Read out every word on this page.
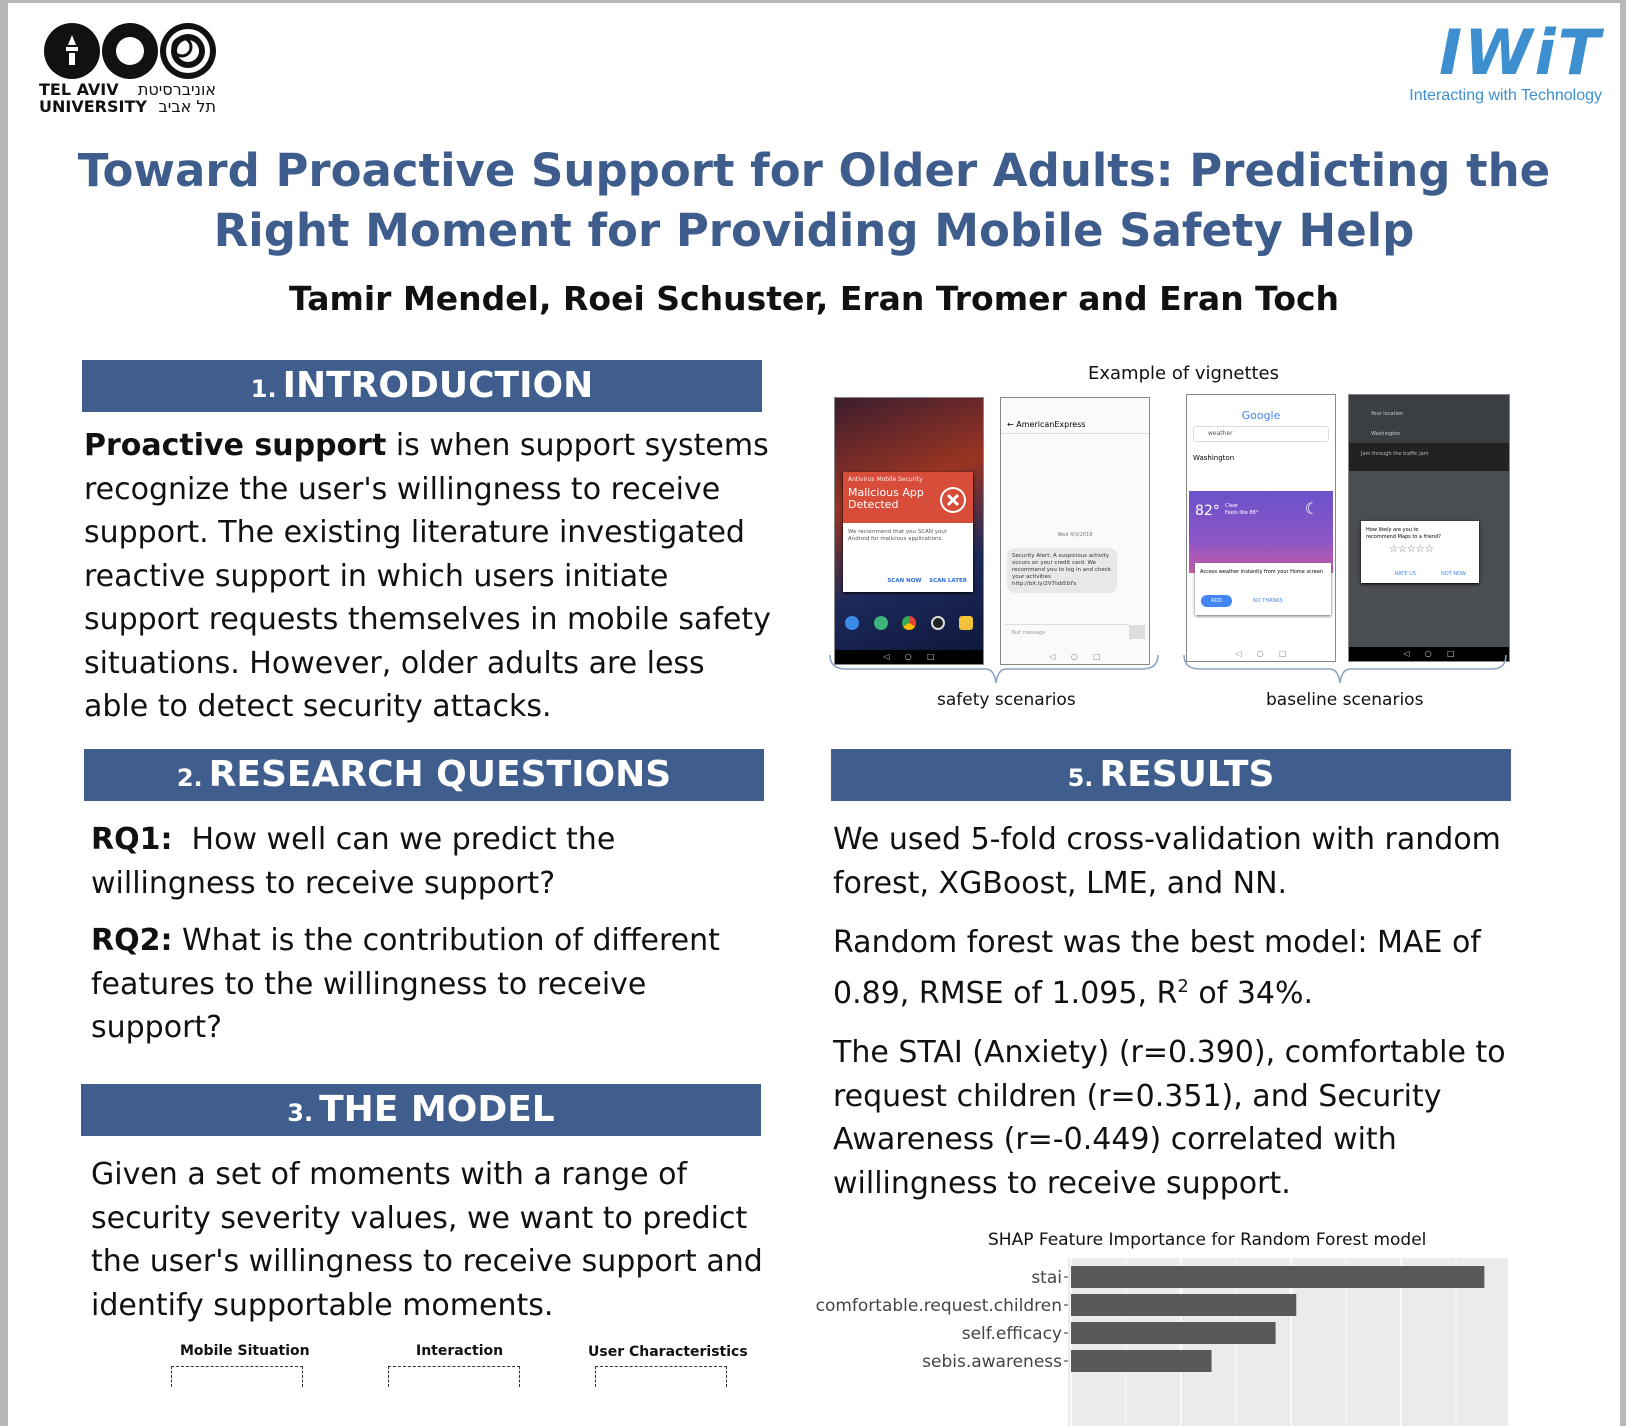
TEL AVIV
UNIVERSITY
אוניברסיטת
תל אביב
IWiT
Interacting with Technology
Toward Proactive Support for Older Adults: Predicting the
Right Moment for Providing Mobile Safety Help
Tamir Mendel, Roei Schuster, Eran Tromer and Eran Toch
1. INTRODUCTION
Proactive support is when support systems recognize the user's willingness to receive support. The existing literature investigated reactive support in which users initiate support requests themselves in mobile safety situations. However, older adults are less able to detect security attacks.
2. RESEARCH QUESTIONS

RQ1:  How well can we predict the willingness to receive support?

RQ2: What is the contribution of different features to the willingness to receive support?

3. THE MODEL
Given a set of moments with a range of security severity values, we want to predict the user's willingness to receive support and identify supportable moments.
Mobile Situation	Interaction	User Characteristics
Example of vignettes
Antivirus Mobile Security
Malicious App Detected
We recommend that you SCAN your Android for malicious applications.
SCAN NOW SCAN LATER
◁      ○      □
← AmericanExpress
Wed 4/3/2019
Security Alert: A suspicious activity occurs on your credit card. We recommend you to log in and check your activities http://bit.ly/2V7lsb5bYs
Text message
◁      ○      □
Google
weather
Washington
82° Clear
Feels like 88°	☾
Access weather instantly from your Home screen
ADD	NO THANKS
◁      ○      □
Your location
Washington
Jam through the traffic jam
How likely are you to recommend Maps to a friend?
☆☆☆☆☆
RATE US	NOT NOW
◁      ○      □
safety scenarios	baseline scenarios
5. RESULTS

We used 5-fold cross-validation with random forest, XGBoost, LME, and NN.

Random forest was the best model: MAE of 0.89, RMSE of 1.095, $R^2$ of 34%.

The STAI (Anxiety) (r=0.390), comfortable to request children (r=0.351), and Security Awareness (r=-0.449) correlated with willingness to receive support.

SHAP Feature Importance for Random Forest model
stai
comfortable.request.children
self.efficacy
sebis.awareness
